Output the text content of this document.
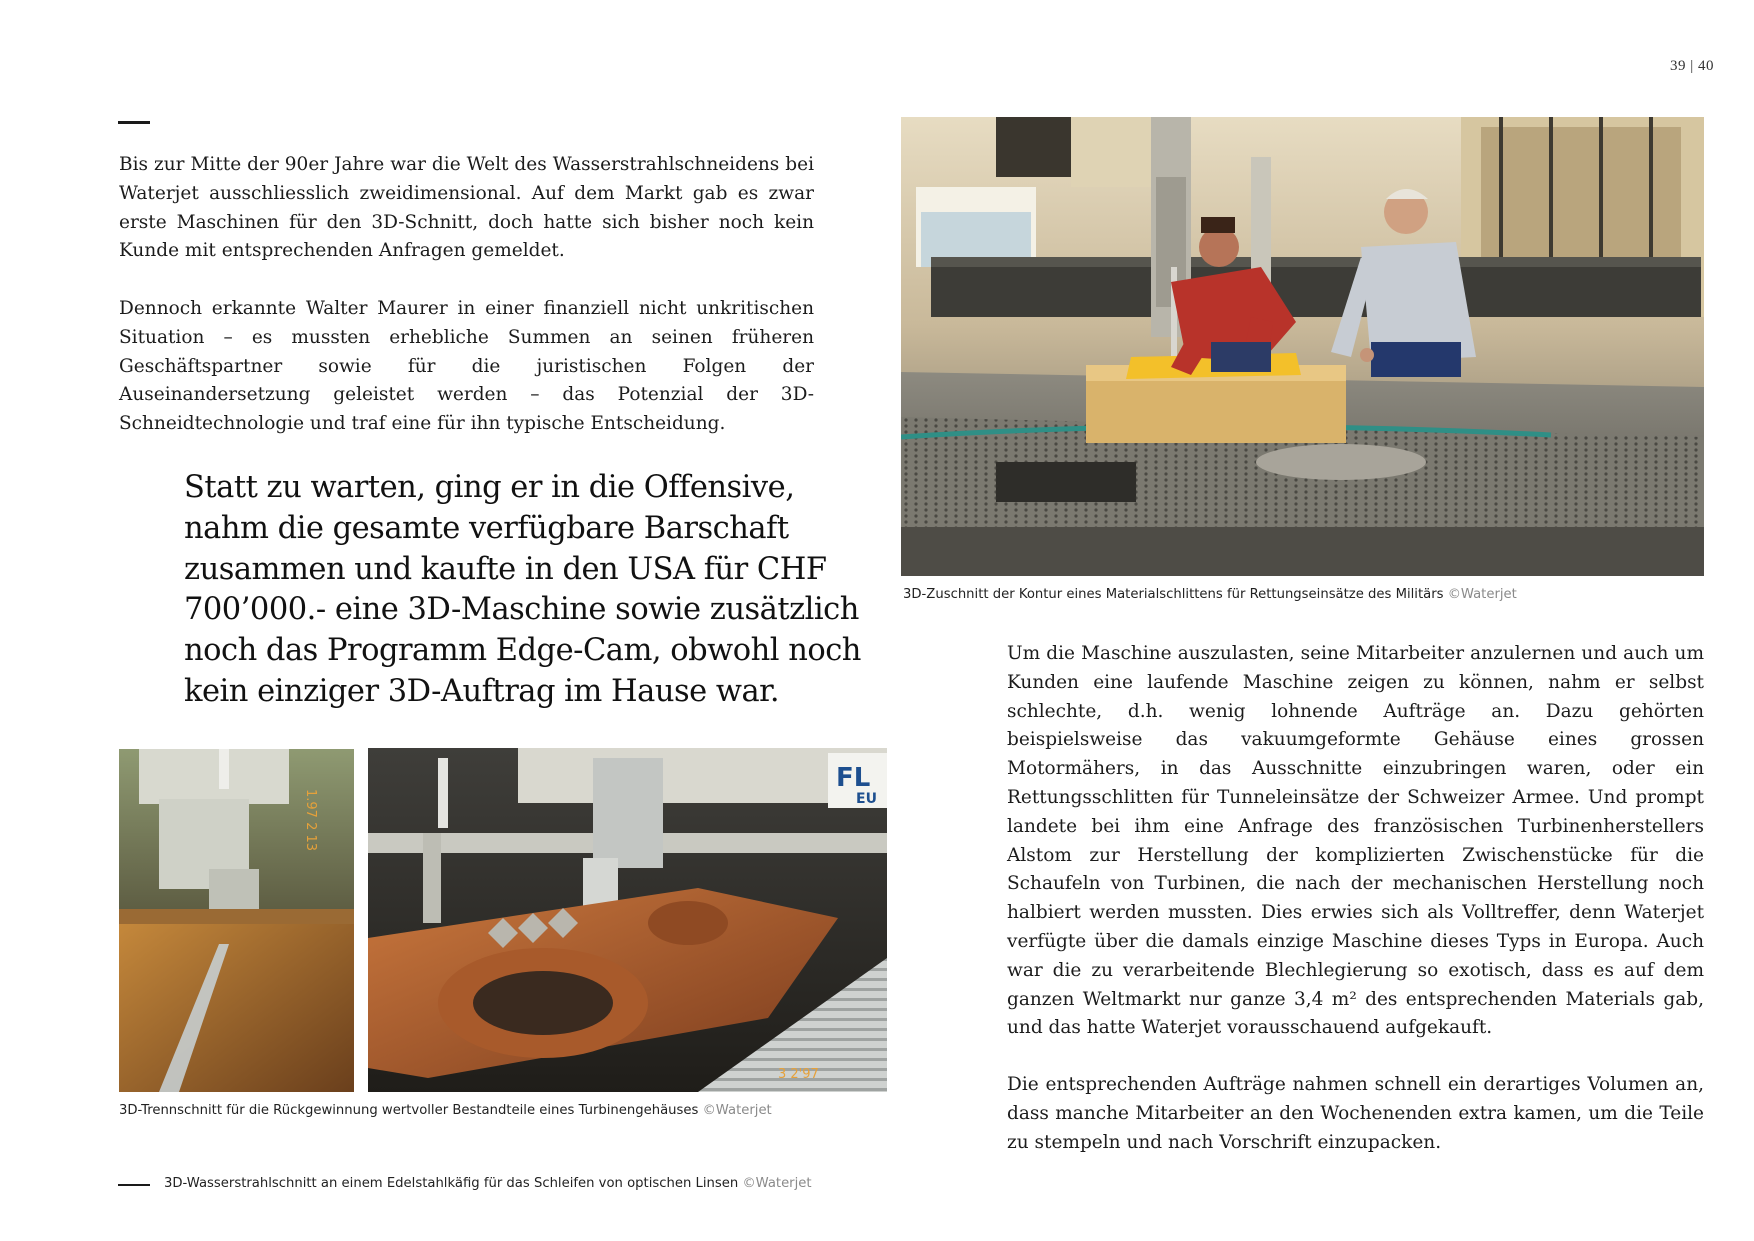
39 | 40

Bis zur Mitte der 90er Jahre war die Welt des Wasserstrahlschneidens bei Waterjet ausschliesslich zweidimensional. Auf dem Markt gab es zwar erste Maschinen für den 3D-Schnitt, doch hatte sich bisher noch kein Kunde mit entsprechenden Anfragen gemeldet.

Dennoch erkannte Walter Maurer in einer finanziell nicht unkritischen Situation – es mussten erhebliche Summen an seinen früheren Geschäftspartner sowie für die juristischen Folgen der Auseinandersetzung geleistet werden – das Potenzial der 3D-Schneidtechnologie und traf eine für ihn typische Entscheidung.

Statt zu warten, ging er in die Offensive, nahm die gesamte verfügbare Barschaft zusammen und kaufte in den USA für CHF 700’000.- eine 3D-Maschine sowie zusätzlich noch das Programm Edge-Cam, obwohl noch kein einziger 3D-Auftrag im Hause war.

3D-Zuschnitt der Kontur eines Materialschlittens für Rettungseinsätze des Militärs ©Waterjet
1.97 2 13
FL
EU
3 2'97
3D-Trennschnitt für die Rückgewinnung wertvoller Bestandteile eines Turbinengehäuses ©Waterjet
3D-Wasserstrahlschnitt an einem Edelstahlkäfig für das Schleifen von optischen Linsen ©Waterjet

Um die Maschine auszulasten, seine Mitarbeiter anzulernen und auch um Kunden eine laufende Maschine zeigen zu können, nahm er selbst schlechte, d.h. wenig lohnende Aufträge an. Dazu gehörten beispielsweise das vakuumgeformte Gehäuse eines grossen Motormähers, in das Ausschnitte einzubringen waren, oder ein Rettungsschlitten für Tunneleinsätze der Schweizer Armee. Und prompt landete bei ihm eine Anfrage des französischen Turbinenherstellers Alstom zur Herstellung der komplizierten Zwischenstücke für die Schaufeln von Turbinen, die nach der mechanischen Herstellung noch halbiert werden mussten. Dies erwies sich als Volltreffer, denn Waterjet verfügte über die damals einzige Maschine dieses Typs in Europa. Auch war die zu verarbeitende Blechlegierung so exotisch, dass es auf dem ganzen Weltmarkt nur ganze 3,4 m² des entsprechenden Materials gab, und das hatte Waterjet vorausschauend aufgekauft.

Die entsprechenden Aufträge nahmen schnell ein derartiges Volumen an, dass manche Mitarbeiter an den Wochenenden extra kamen, um die Teile zu stempeln und nach Vorschrift einzupacken.
